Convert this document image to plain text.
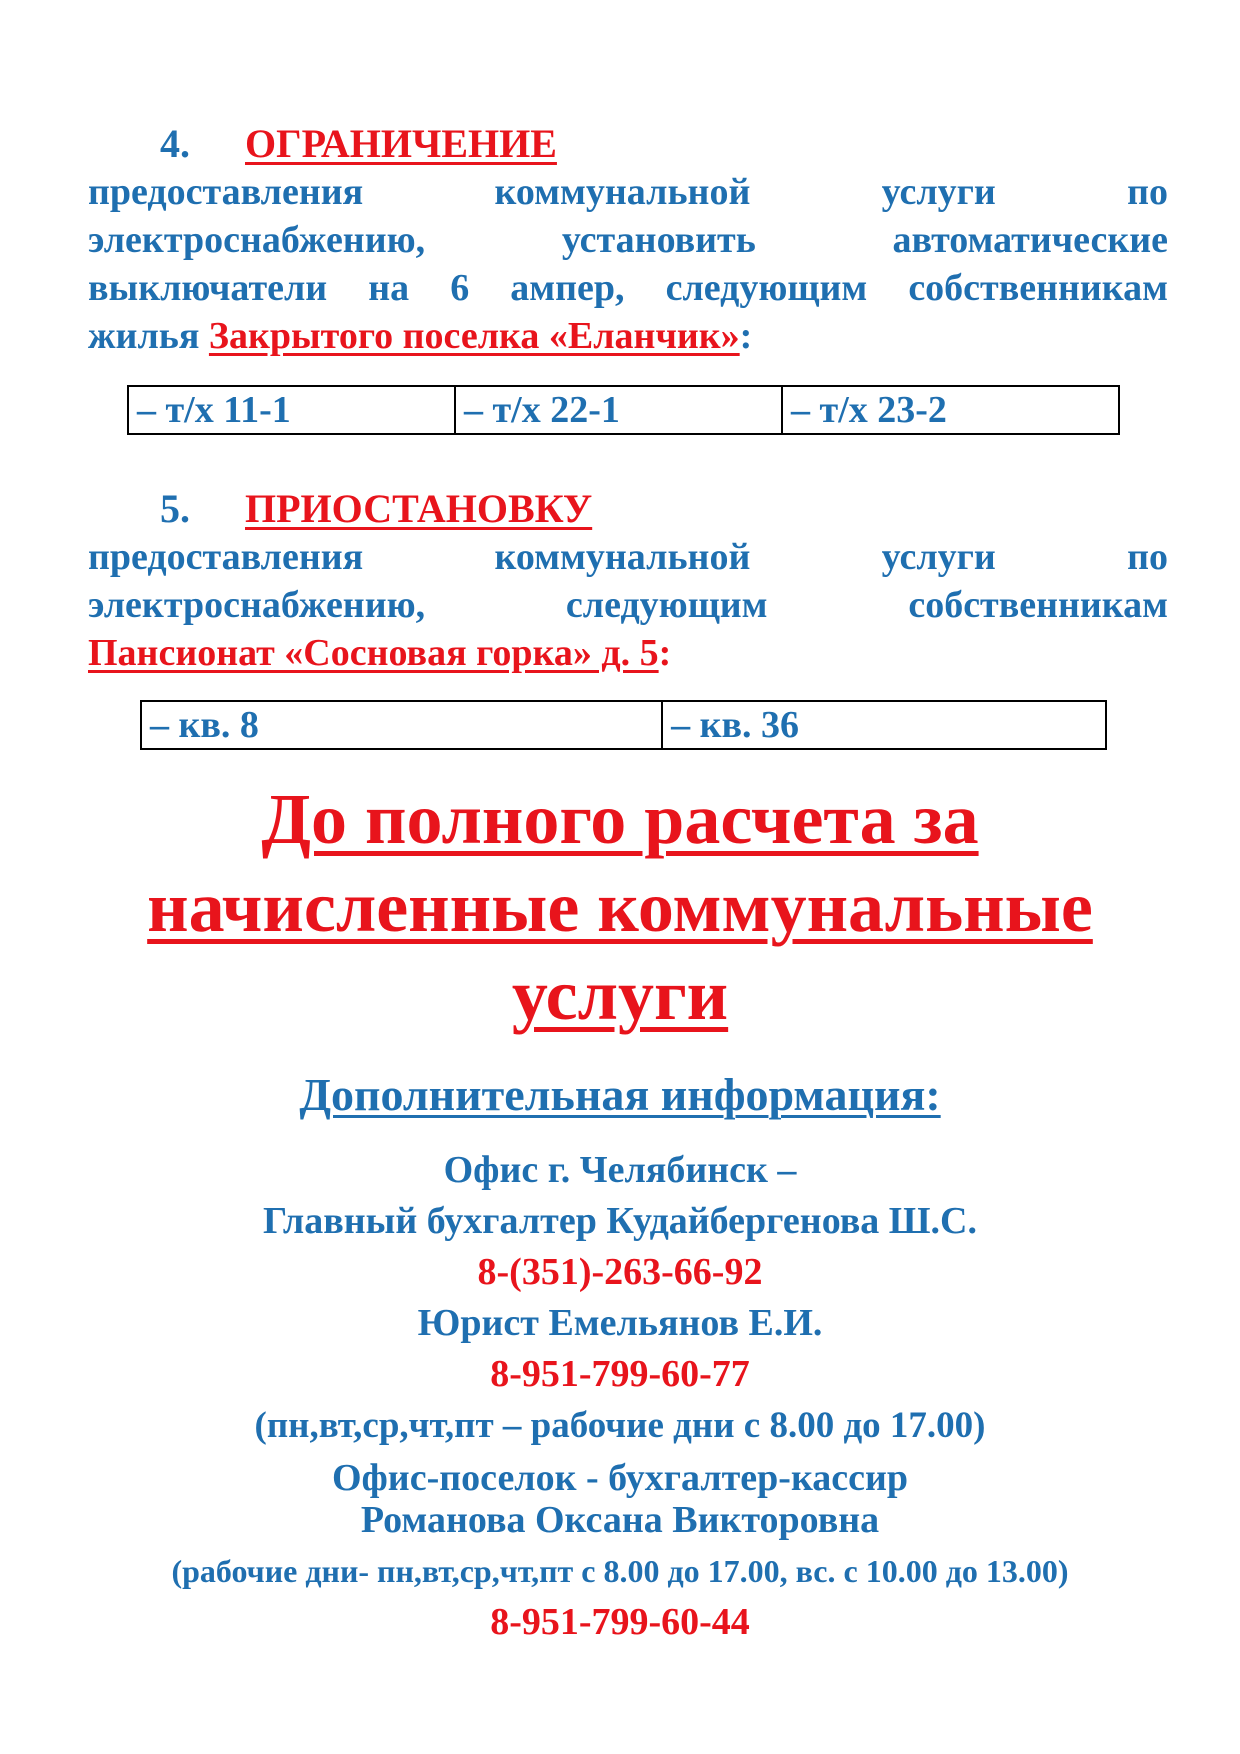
4. ОГРАНИЧЕНИЕ
предоставления коммунальной услуги по
электроснабжению, установить автоматические
выключатели на 6 ампер, следующим собственникам
жилья Закрытого поселка «Еланчик»:
– т/х 11-1	– т/х 22-1	– т/х 23-2
5. ПРИОСТАНОВКУ
предоставления коммунальной услуги по
электроснабжению, следующим собственникам
Пансионат «Сосновая горка» д. 5:
– кв. 8	– кв. 36
До полного расчета за
начисленные коммунальные
услуги
Дополнительная информация:
Офис г. Челябинск –
Главный бухгалтер Кудайбергенова Ш.С.
8-(351)-263-66-92
Юрист Емельянов Е.И.
8-951-799-60-77
(пн,вт,ср,чт,пт – рабочие дни с 8.00 до 17.00)
Офис-поселок - бухгалтер-кассир
Романова Оксана Викторовна
(рабочие дни- пн,вт,ср,чт,пт с 8.00 до 17.00, вс. с 10.00 до 13.00)
8-951-799-60-44
